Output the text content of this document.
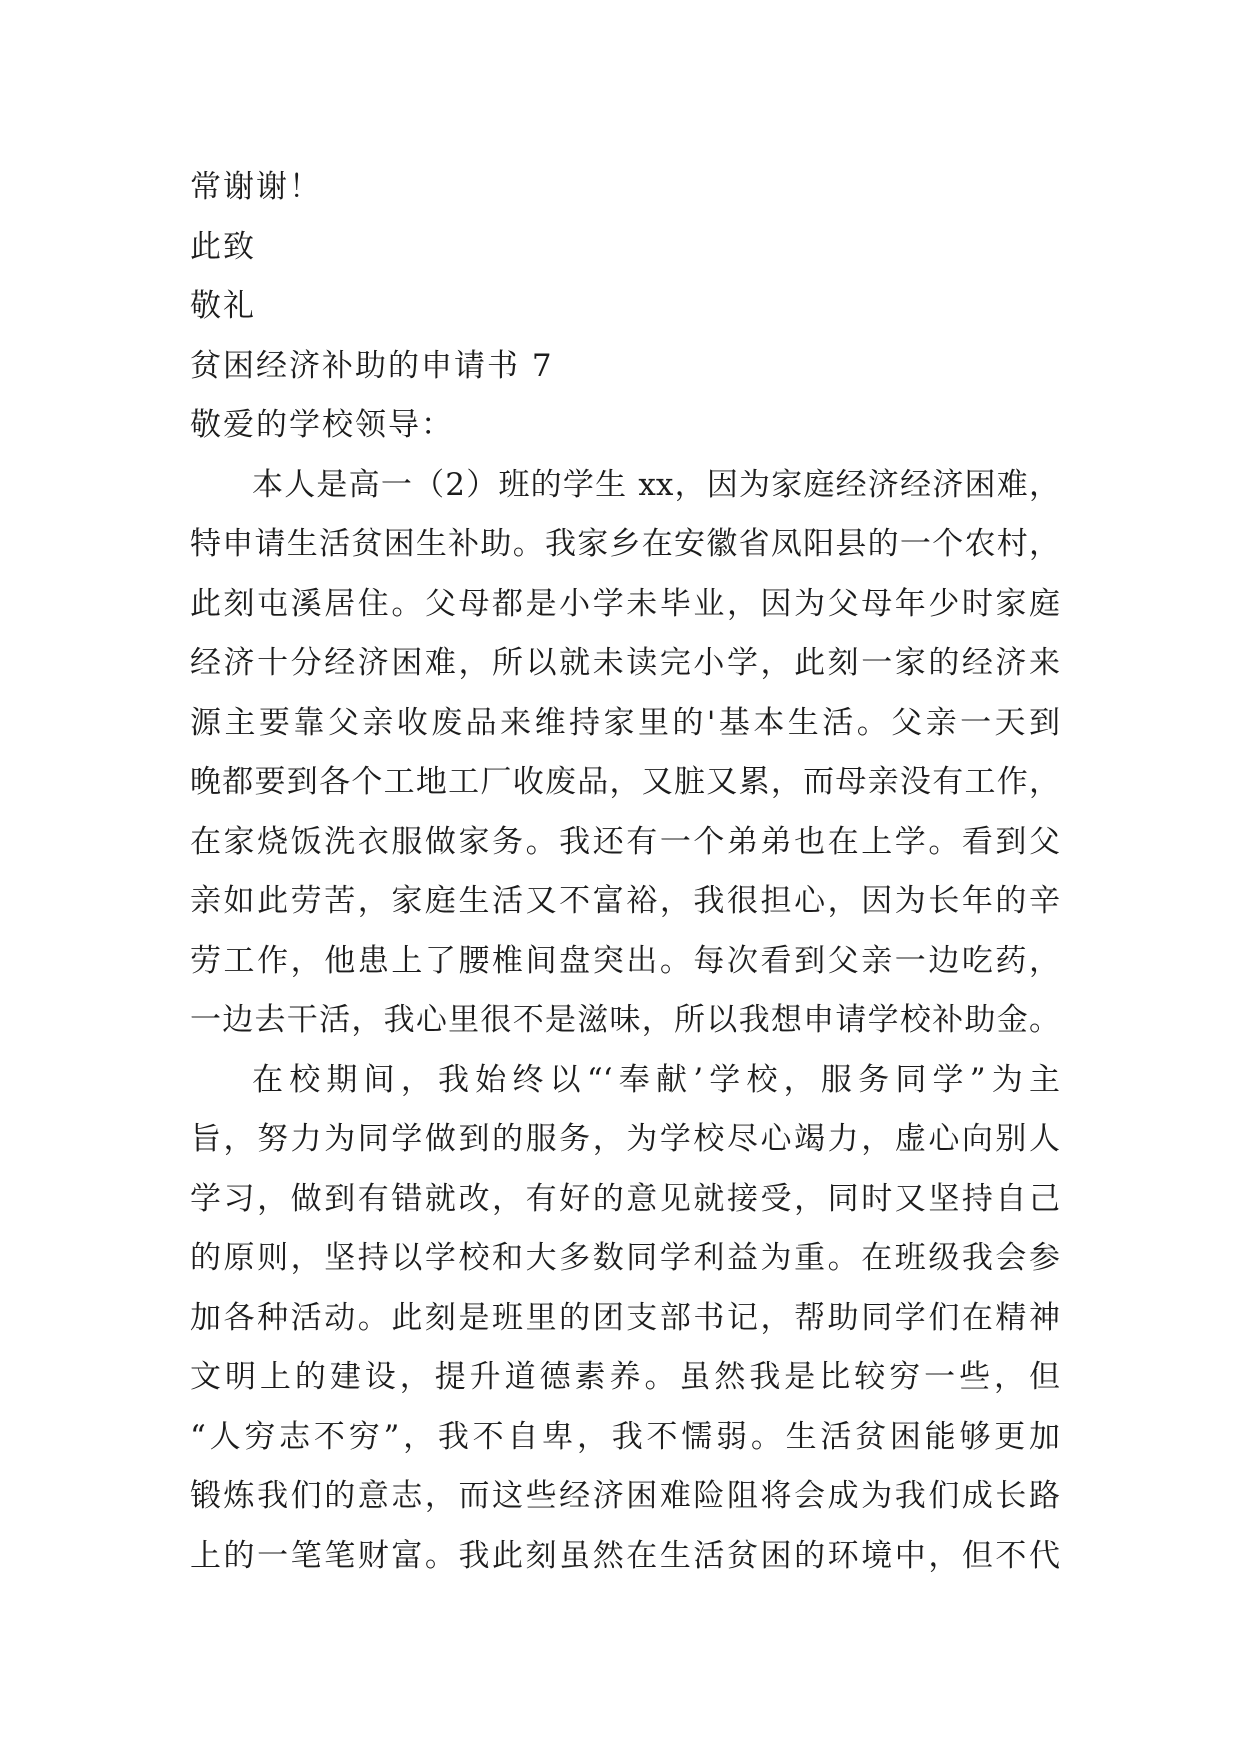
常谢谢！
此致
敬礼
贫困经济补助的申请书 7
敬爱的学校领导：
本人是高一（2）班的学生 xx，因为家庭经济经济困难，
特申请生活贫困生补助。我家乡在安徽省凤阳县的一个农村，
此刻屯溪居住。父母都是小学未毕业，因为父母年少时家庭
经济十分经济困难，所以就未读完小学，此刻一家的经济来
源主要靠父亲收废品来维持家里的'基本生活。父亲一天到
晚都要到各个工地工厂收废品，又脏又累，而母亲没有工作，
在家烧饭洗衣服做家务。我还有一个弟弟也在上学。看到父
亲如此劳苦，家庭生活又不富裕，我很担心，因为长年的辛
劳工作，他患上了腰椎间盘突出。每次看到父亲一边吃药，
一边去干活，我心里很不是滋味，所以我想申请学校补助金。
在校期间，我始终以“‘奉献’学校，服务同学”为主
旨，努力为同学做到的服务，为学校尽心竭力，虚心向别人
学习，做到有错就改，有好的意见就接受，同时又坚持自己
的原则，坚持以学校和大多数同学利益为重。在班级我会参
加各种活动。此刻是班里的团支部书记，帮助同学们在精神
文明上的建设，提升道德素养。虽然我是比较穷一些，但
“人穷志不穷”，我不自卑，我不懦弱。生活贫困能够更加
锻炼我们的意志，而这些经济困难险阻将会成为我们成长路
上的一笔笔财富。我此刻虽然在生活贫困的环境中，但不代
